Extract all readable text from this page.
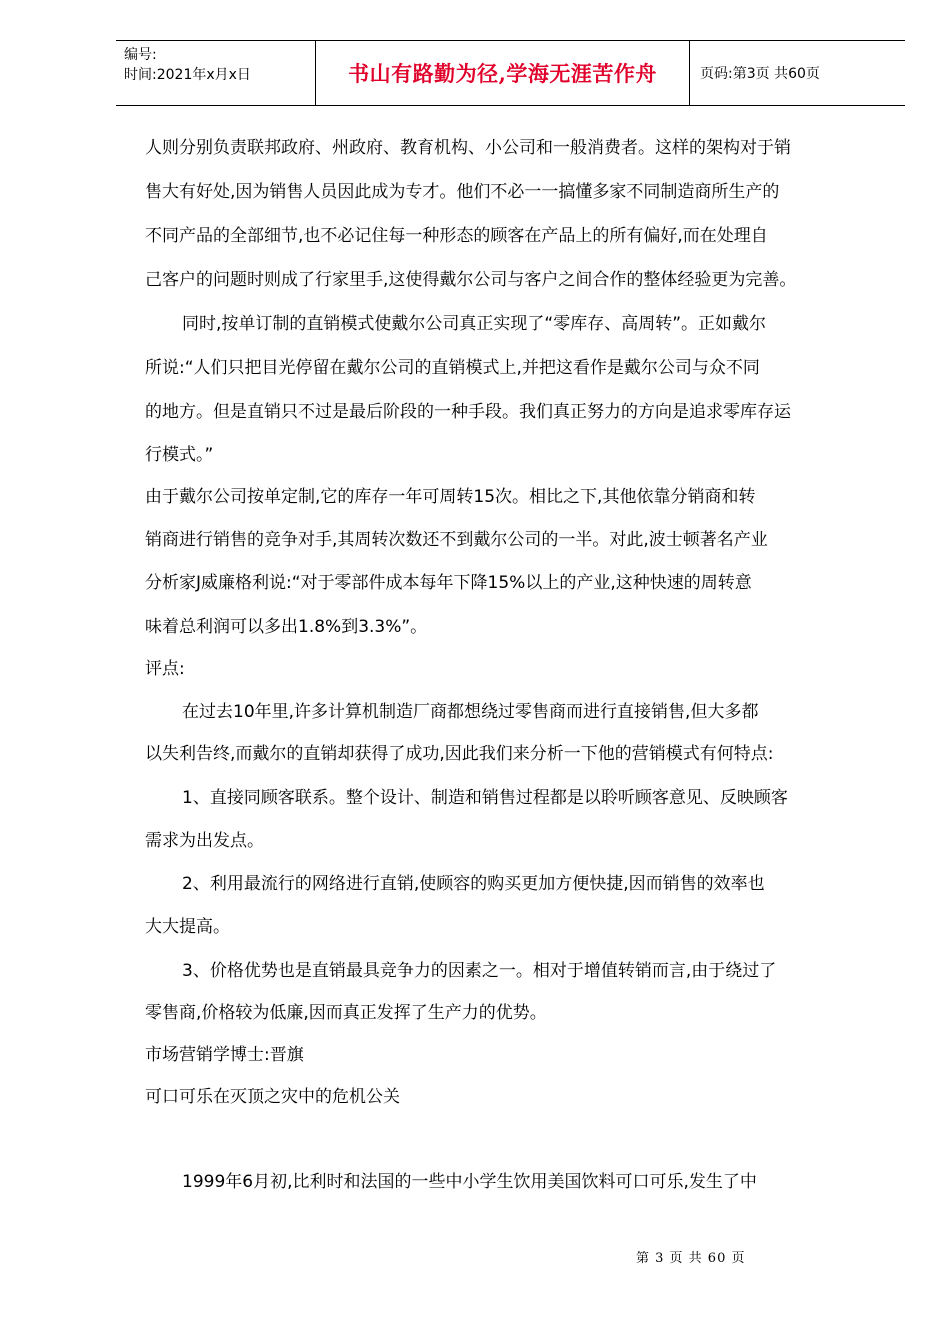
编号:
时间:2021年x月x日	书山有路勤为径,学海无涯苦作舟	页码:第3页 共60页
人则分别负责联邦政府、州政府、教育机构、小公司和一般消费者。这样的架构对于销
售大有好处,因为销售人员因此成为专才。他们不必一一搞懂多家不同制造商所生产的
不同产品的全部细节,也不必记住每一种形态的顾客在产品上的所有偏好,而在处理自
己客户的问题时则成了行家里手,这使得戴尔公司与客户之间合作的整体经验更为完善。
同时,按单订制的直销模式使戴尔公司真正实现了“零库存、高周转”。正如戴尔
所说:“人们只把目光停留在戴尔公司的直销模式上,并把这看作是戴尔公司与众不同
的地方。但是直销只不过是最后阶段的一种手段。我们真正努力的方向是追求零库存运
行模式。”
由于戴尔公司按单定制,它的库存一年可周转15次。相比之下,其他依靠分销商和转
销商进行销售的竞争对手,其周转次数还不到戴尔公司的一半。对此,波士顿著名产业
分析家J威廉格利说:“对于零部件成本每年下降15%以上的产业,这种快速的周转意
味着总利润可以多出1.8%到3.3%”。
评点:
在过去10年里,许多计算机制造厂商都想绕过零售商而进行直接销售,但大多都
以失利告终,而戴尔的直销却获得了成功,因此我们来分析一下他的营销模式有何特点:
1、直接同顾客联系。整个设计、制造和销售过程都是以聆听顾客意见、反映顾客
需求为出发点。
2、利用最流行的网络进行直销,使顾容的购买更加方便快捷,因而销售的效率也
大大提高。
3、价格优势也是直销最具竞争力的因素之一。相对于增值转销而言,由于绕过了
零售商,价格较为低廉,因而真正发挥了生产力的优势。
市场营销学博士:晋旗
可口可乐在灭顶之灾中的危机公关
1999年6月初,比利时和法国的一些中小学生饮用美国饮料可口可乐,发生了中
第 3 页 共 60 页
